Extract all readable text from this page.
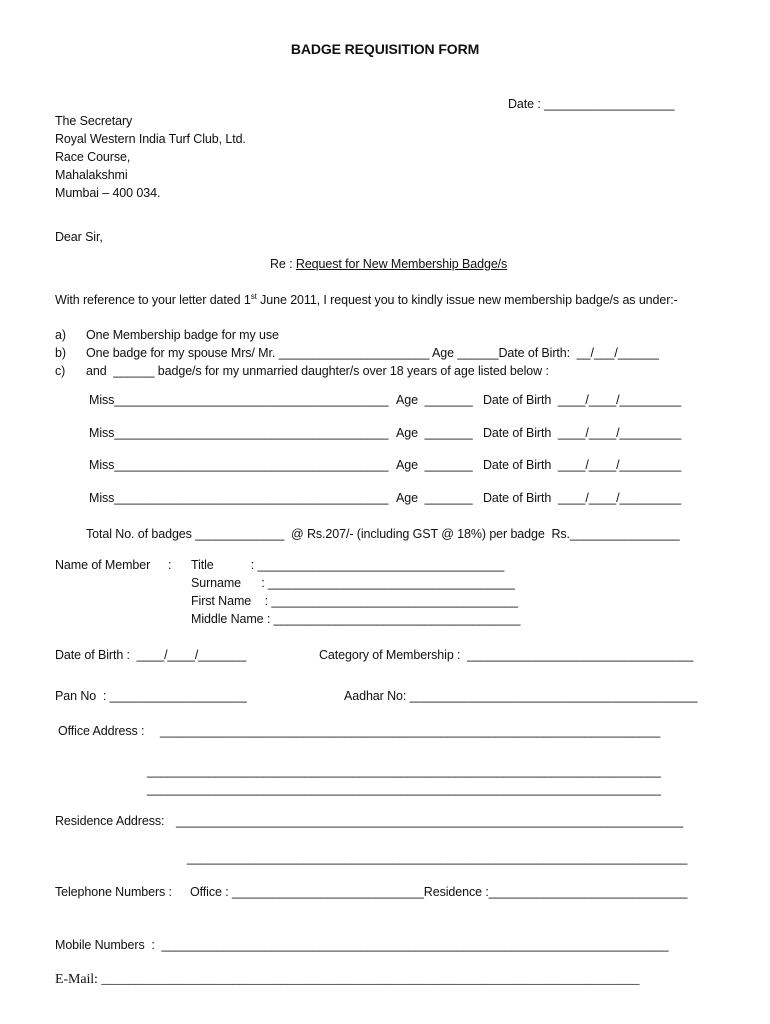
BADGE REQUISITION FORM
Date : ___________________
The Secretary
Royal Western India Turf Club, Ltd.
Race Course,
Mahalakshmi
Mumbai – 400 034.
Dear Sir,
Re : Request for New Membership Badge/s
With reference to your letter dated 1st June 2011, I request you to kindly issue new membership badge/s as under:-
a) One Membership badge for my use
b) One badge for my spouse Mrs/ Mr. ______________________ Age ______Date of Birth:  __/___/______
c) and  ______ badge/s for my unmarried daughter/s over 18 years of age listed below :
Miss________________________________________ Age  _______ Date of Birth  ____/____/_________
Miss________________________________________ Age  _______ Date of Birth  ____/____/_________
Miss________________________________________ Age  _______ Date of Birth  ____/____/_________
Miss________________________________________ Age  _______ Date of Birth  ____/____/_________
Total No. of badges _____________  @ Rs.207/- (including GST @ 18%) per badge  Rs.________________
Name of Member : Title           : ____________________________________
Surname      : ____________________________________
First Name    : ____________________________________
Middle Name : ____________________________________
Date of Birth :  ____/____/_______	Category of Membership :  _________________________________
Pan No  : ____________________	Aadhar No: __________________________________________
Office Address : _________________________________________________________________________
___________________________________________________________________________
___________________________________________________________________________
Residence Address: __________________________________________________________________________
_________________________________________________________________________
Telephone Numbers : Office : ____________________________Residence :_____________________________
Mobile Numbers  :  __________________________________________________________________________
E-Mail: ______________________________________________________________________________
